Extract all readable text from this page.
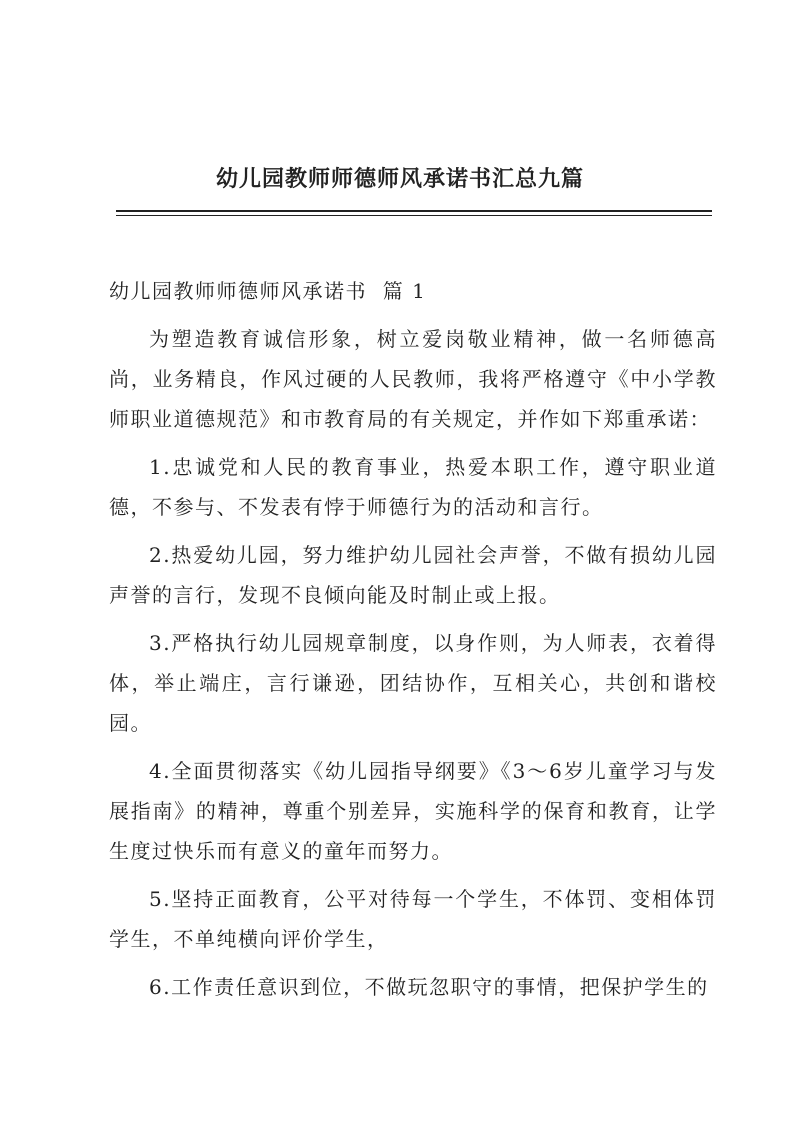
幼儿园教师师德师风承诺书汇总九篇
幼儿园教师师德师风承诺书  篇 1
为塑造教育诚信形象，树立爱岗敬业精神，做一名师德高尚，业务精良，作风过硬的人民教师，我将严格遵守《中小学教师职业道德规范》和市教育局的有关规定，并作如下郑重承诺：
1.忠诚党和人民的教育事业，热爱本职工作，遵守职业道德，不参与、不发表有悖于师德行为的活动和言行。
2.热爱幼儿园，努力维护幼儿园社会声誉，不做有损幼儿园声誉的言行，发现不良倾向能及时制止或上报。
3.严格执行幼儿园规章制度，以身作则，为人师表，衣着得体，举止端庄，言行谦逊，团结协作，互相关心，共创和谐校园。
4.全面贯彻落实《幼儿园指导纲要》《3～6岁儿童学习与发展指南》的精神，尊重个别差异，实施科学的保育和教育，让学生度过快乐而有意义的童年而努力。
5.坚持正面教育，公平对待每一个学生，不体罚、变相体罚学生，不单纯横向评价学生，
6.工作责任意识到位，不做玩忽职守的事情，把保护学生的
